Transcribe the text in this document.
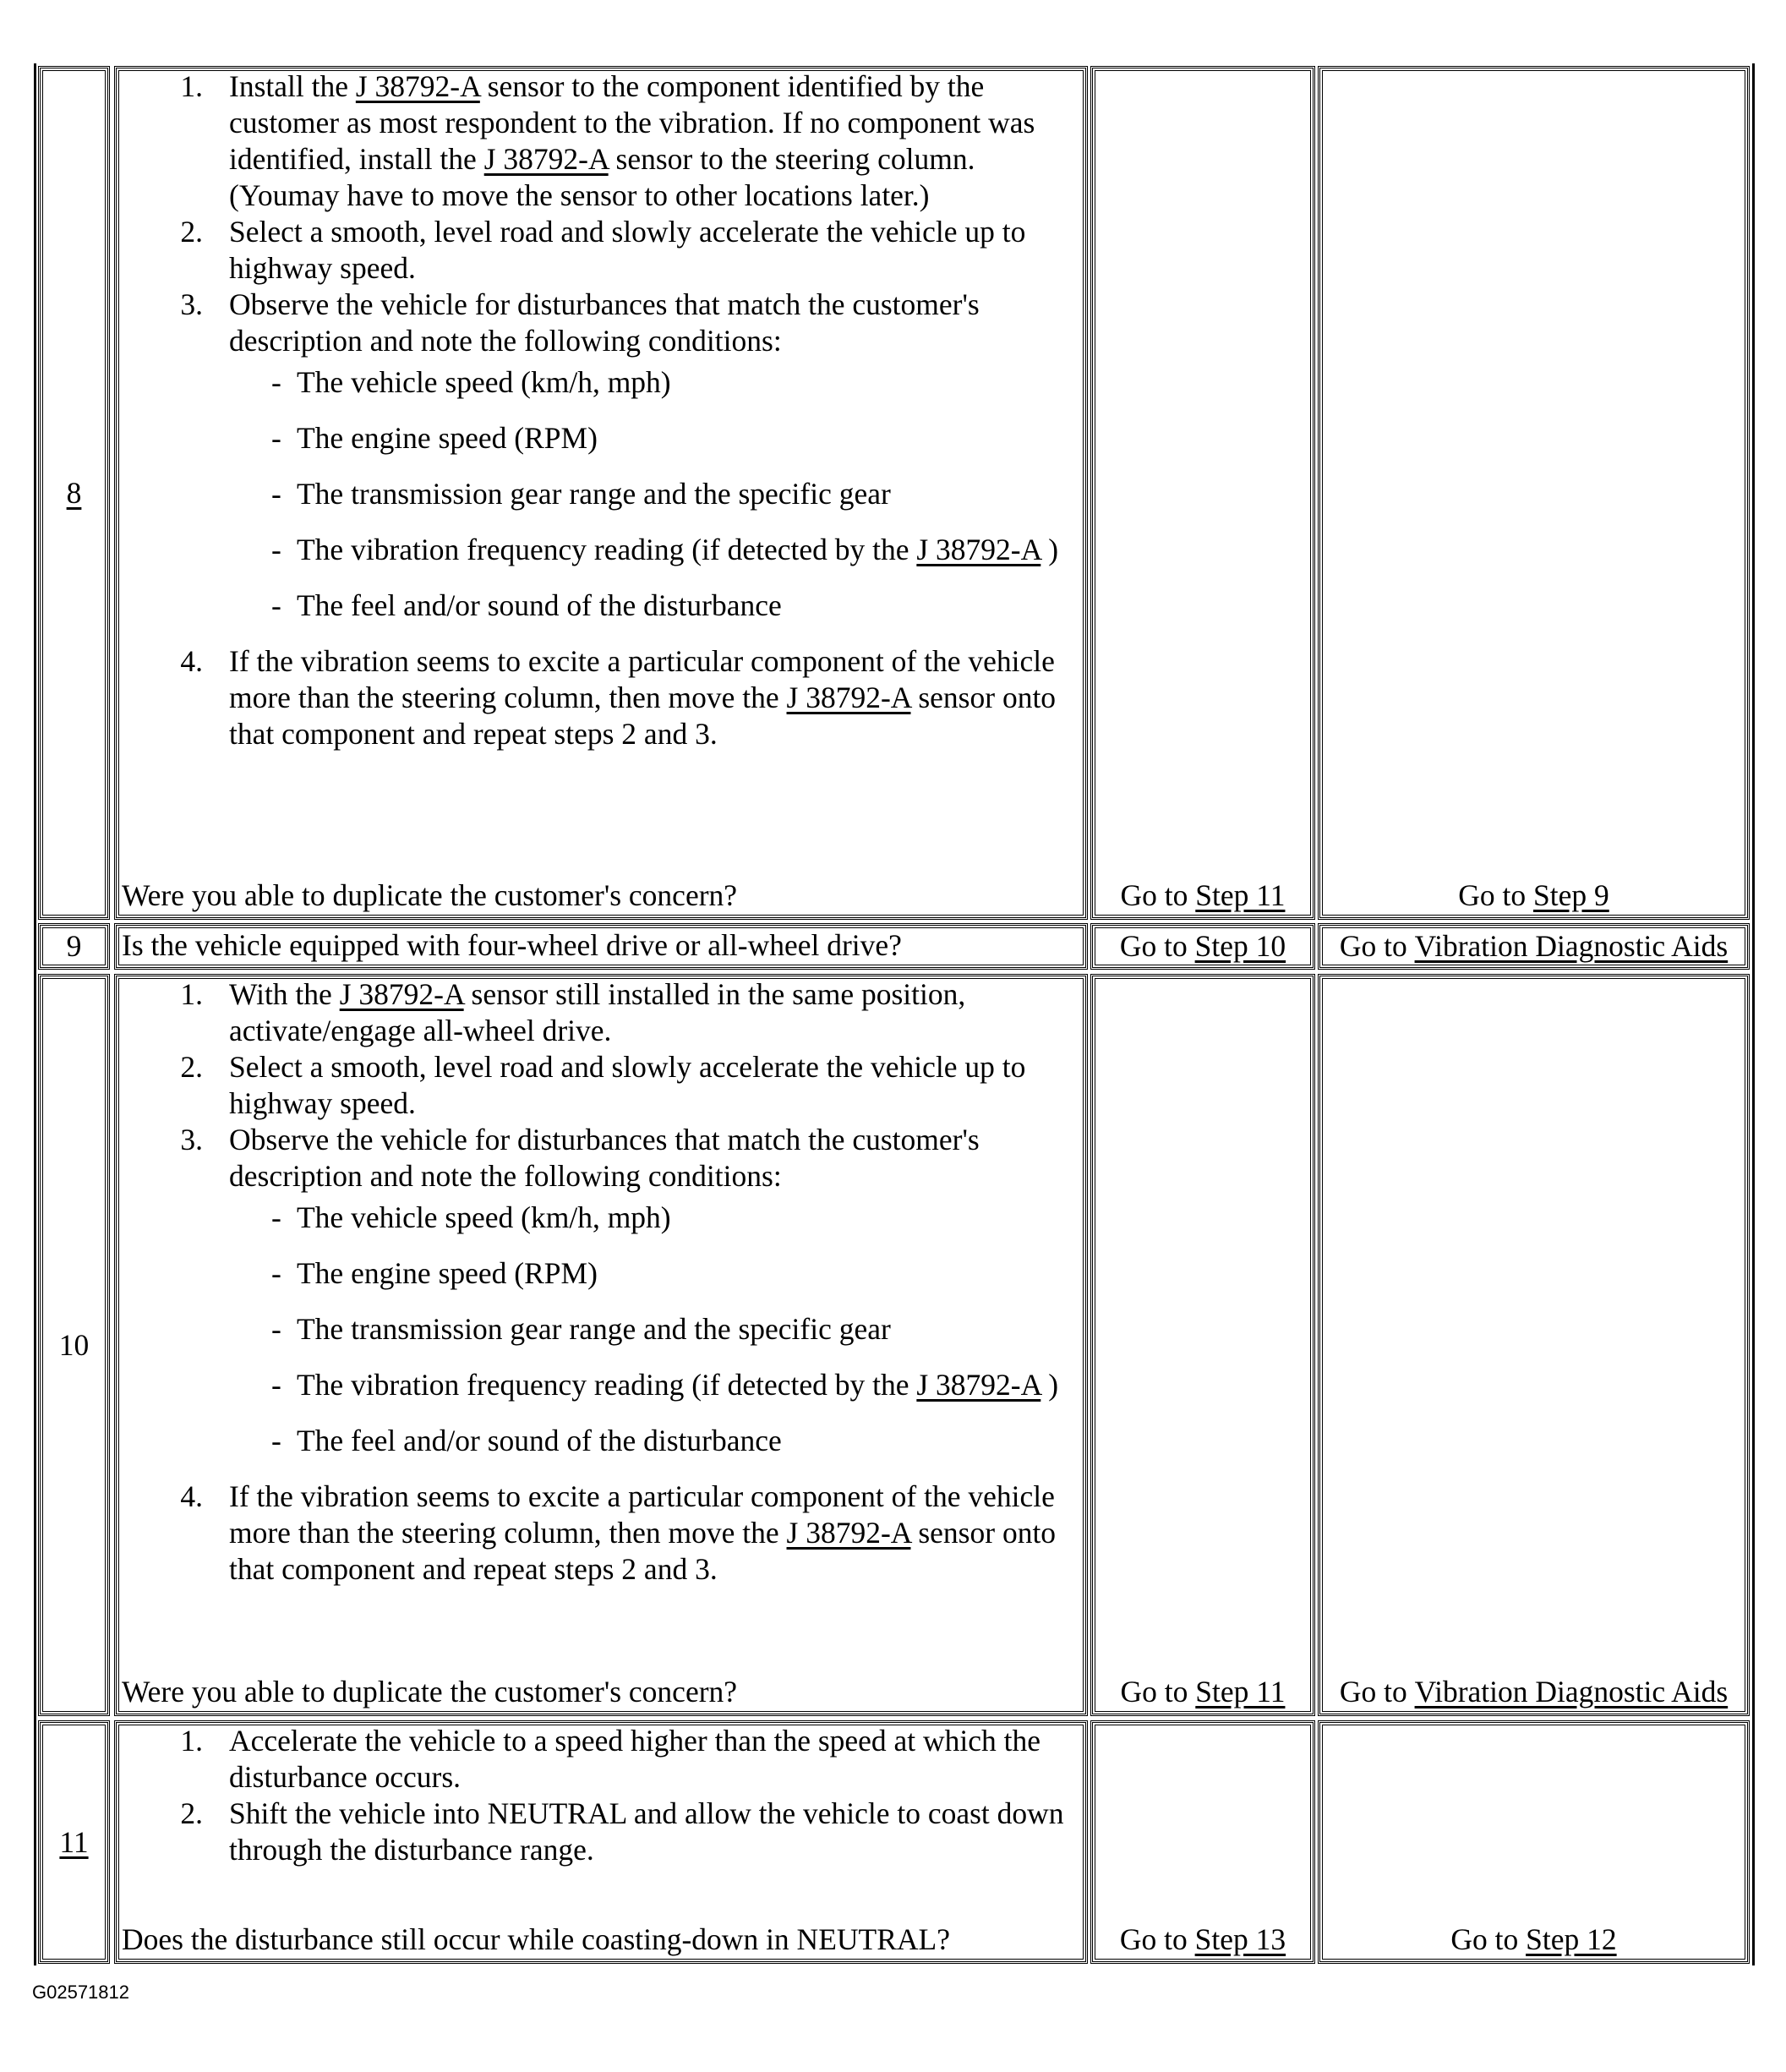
8
1. Install the J 38792-A sensor to the component identified by the customer as most respondent to the vibration. If no component was identified, install the J 38792-A sensor to the steering column. (Youmay have to move the sensor to other locations later.)
2. Select a smooth, level road and slowly accelerate the vehicle up to highway speed.
3. Observe the vehicle for disturbances that match the customer's description and note the following conditions:
- The vehicle speed (km/h, mph)
- The engine speed (RPM)
- The transmission gear range and the specific gear
- The vibration frequency reading (if detected by the J 38792-A )
- The feel and/or sound of the disturbance
4. If the vibration seems to excite a particular component of the vehicle more than the steering column, then move the J 38792-A sensor onto that component and repeat steps 2 and 3.
Were you able to duplicate the customer's concern?	Go to Step 11	Go to Step 9
9 Is the vehicle equipped with four-wheel drive or all-wheel drive?	Go to Step 10 Go to Vibration Diagnostic Aids
10
1. With the J 38792-A sensor still installed in the same position, activate/engage all-wheel drive.
2. Select a smooth, level road and slowly accelerate the vehicle up to highway speed.
3. Observe the vehicle for disturbances that match the customer's description and note the following conditions:
- The vehicle speed (km/h, mph)
- The engine speed (RPM)
- The transmission gear range and the specific gear
- The vibration frequency reading (if detected by the J 38792-A )
- The feel and/or sound of the disturbance
4. If the vibration seems to excite a particular component of the vehicle more than the steering column, then move the J 38792-A sensor onto that component and repeat steps 2 and 3.
Were you able to duplicate the customer's concern?	Go to Step 11 Go to Vibration Diagnostic Aids
11
1. Accelerate the vehicle to a speed higher than the speed at which the disturbance occurs.
2. Shift the vehicle into NEUTRAL and allow the vehicle to coast down through the disturbance range.
Does the disturbance still occur while coasting-down in NEUTRAL?	Go to Step 13	Go to Step 12
G02571812
